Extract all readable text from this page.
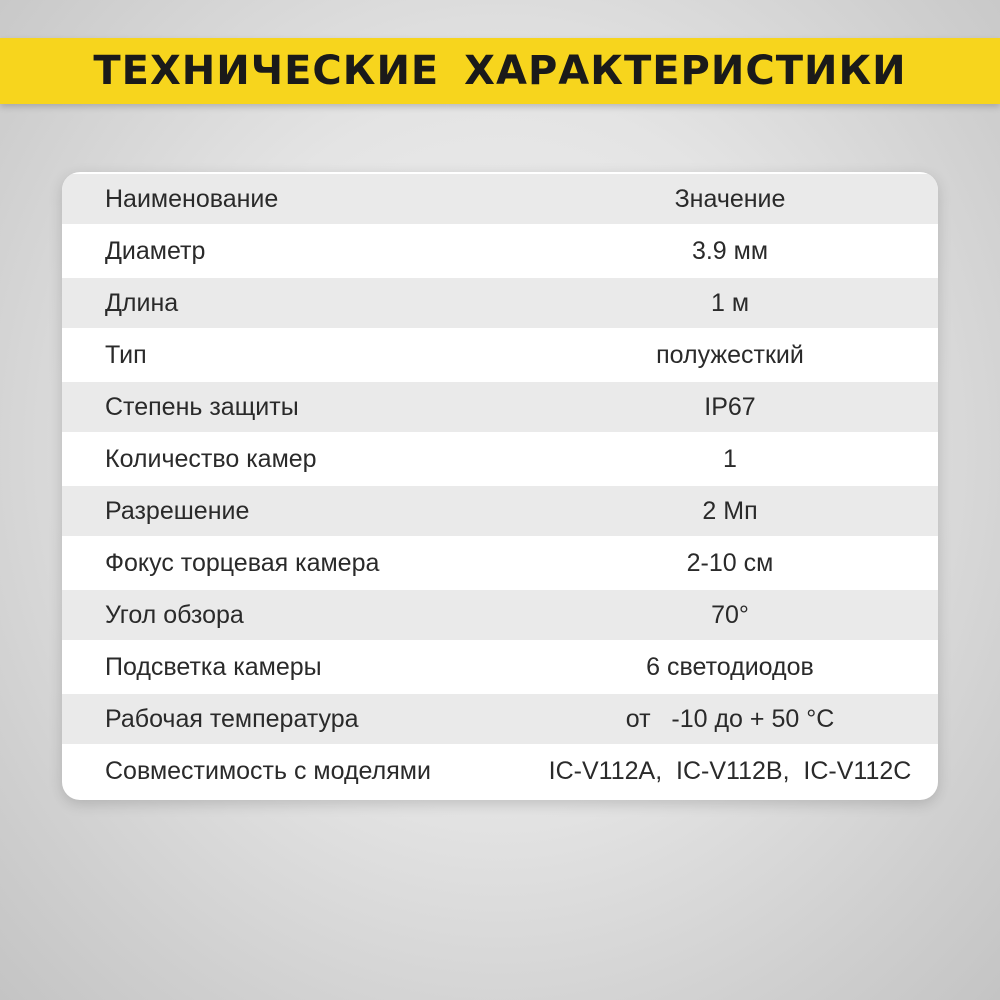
ТЕХНИЧЕСКИЕ ХАРАКТЕРИСТИКИ
Наименование	Значение
Диаметр	3.9 мм
Длина	1 м
Тип	полужесткий
Степень защиты	IP67
Количество камер	1
Разрешение	2 Мп
Фокус торцевая камера	2-10 см
Угол обзора	70°
Подсветка камеры	6 светодиодов
Рабочая температура	от   -10 до + 50 °С
Совместимость с моделями	IC-V112A,  IC-V112B,  IC-V112C
